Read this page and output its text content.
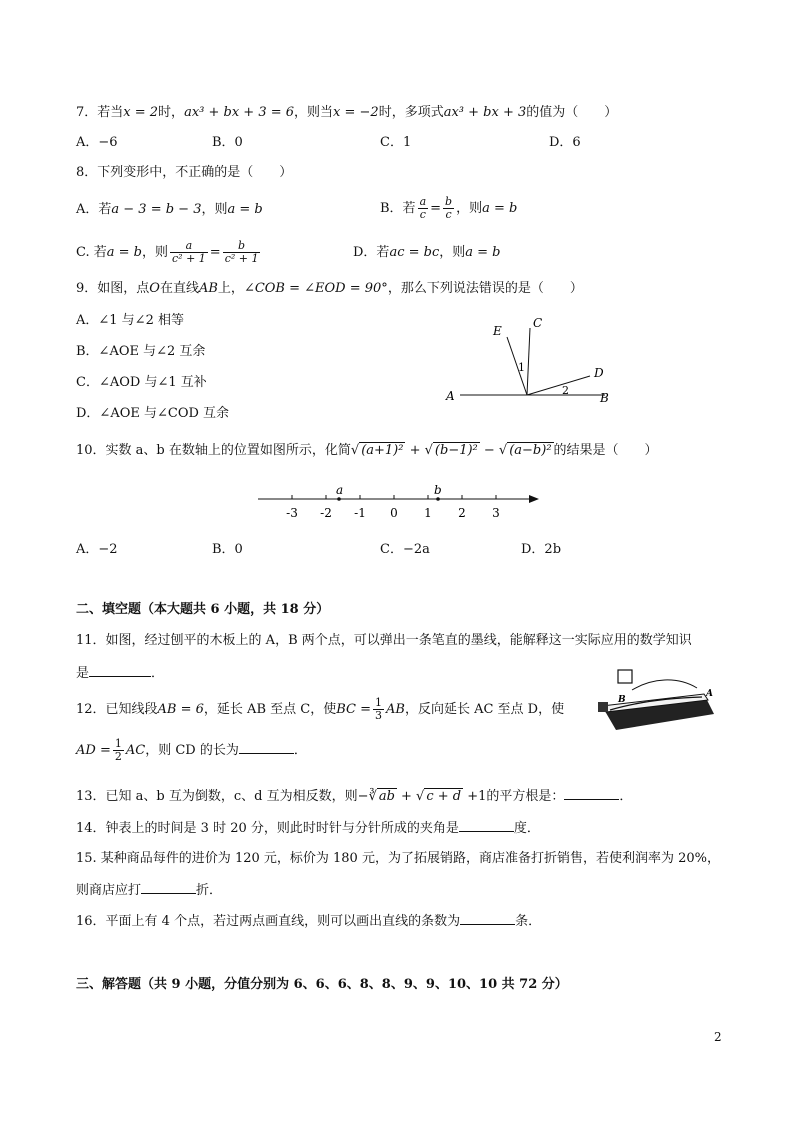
7．若当x = 2时，ax³ + bx + 3 = 6，则当x = −2时，多项式ax³ + bx + 3的值为（　　）
A．−6	B．0	C．1	D．6
8．下列变形中，不正确的是（　　）
A．若a − 3 = b − 3，则a = b	B．若 $\frac{a}{c} = \frac{b}{c}$ ，则a = b
C. 若a = b，则 $\frac{a}{\text{c² + 1}} = \frac{b}{\text{c² + 1}}$	D．若ac = bc，则a = b
9．如图，点O在直线AB上，∠COB = ∠EOD = 90°，那么下列说法错误的是（　　）
A．∠1 与∠2 相等
B．∠AOE 与∠2 互余
C．∠AOD 与∠1 互补
D．∠AOE 与∠COD 互余
E
C
D
A	B
1
2
10．实数 a、b 在数轴上的位置如图所示，化简√ (a+1)² + √ (b−1)² − √ (a−b)² 的结果是（　　）
-3 -2 -1 0 1 2 3
a	b
A．−2	B．0	C．−2a	D．2b
二、填空题（本大题共 6 小题，共 18 分）
11．如图，经过刨平的木板上的 A，B 两个点，可以弹出一条笔直的墨线，能解释这一实际应用的数学知识
是	．
12．已知线段AB = 6，延长 AB 至点 C，使BC = $\frac{1}{3}$ AB，反向延长 AC 至点 D，使
AD = $\frac{1}{2}$ AC，则 CD 的长为	．
B
A
13．已知 a、b 互为倒数，c、d 互为相反数，则−∛ ab + √ c + d +1的平方根是：	．
14．钟表上的时间是 3 时 20 分，则此时时针与分针所成的夹角是	度．
15. 某种商品每件的进价为 120 元，标价为 180 元，为了拓展销路，商店准备打折销售，若使利润率为 20%，
则商店应打	折．
16．平面上有 4 个点，若过两点画直线，则可以画出直线的条数为	条．
三、解答题（共 9 小题，分值分别为 6、6、6、8、8、9、9、10、10 共 72 分）
2
